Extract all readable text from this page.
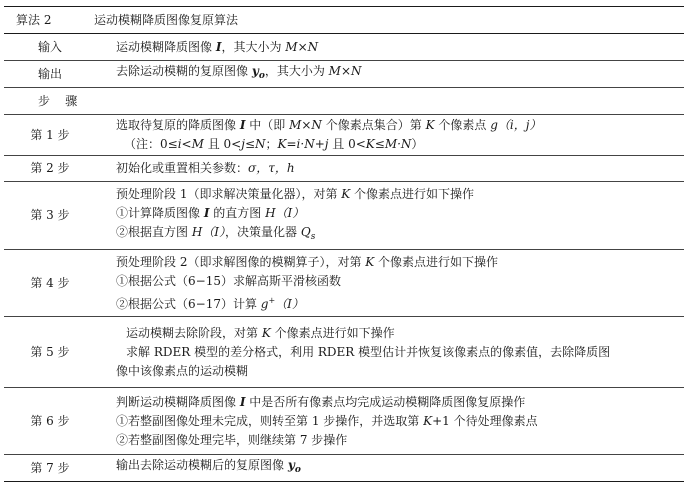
算法 2 运动模糊降质图像复原算法	
输入	运动模糊降质图像 I，其大小为 M×N
输出	去除运动模糊的复原图像 $y_o$，其大小为 M×N
步    骤	
第 1 步	选取待复原的降质图像 I 中（即 M×N 个像素点集合）第 K 个像素点 g（i，j）
（注：0≤i<M 且 0<j≤N；K=i·N+j 且 0<K≤M·N）

第 2 步	初始化或重置相关参数：σ，τ，h
第 3 步	预处理阶段 1（即求解决策量化器），对第 K 个像素点进行如下操作
①计算降质图像 I 的直方图 H（I）
②根据直方图 H（I），决策量化器 $Q_s$

第 4 步	预处理阶段 2（即求解图像的模糊算子），对第 K 个像素点进行如下操作
①根据公式（6−15）求解高斯平滑核函数
②根据公式（6−17）计算 g+（I）

第 5 步	运动模糊去除阶段，对第 K 个像素点进行如下操作
求解 RDER 模型的差分格式，利用 RDER 模型估计并恢复该像素点的像素值，去除降质图
像中该像素点的运动模糊

第 6 步	判断运动模糊降质图像 I 中是否所有像素点均完成运动模糊降质图像复原操作
①若整副图像处理未完成，则转至第 1 步操作，并选取第 K+1 个待处理像素点
②若整副图像处理完毕，则继续第 7 步操作

第 7 步	输出去除运动模糊后的复原图像 $y_o$
